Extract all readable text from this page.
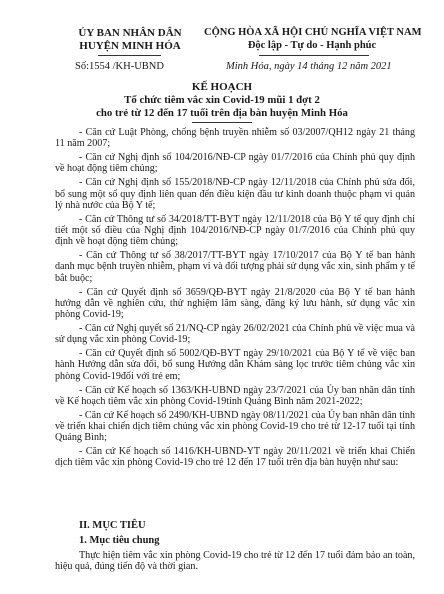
ỦY BAN NHÂN DÂN
HUYỆN MINH HÓA
Số:1554 /KH-UBND
CỘNG HÒA XÃ HỘI CHỦ NGHĨA VIỆT NAM
Độc lập - Tự do - Hạnh phúc
Minh Hóa, ngày 14 tháng 12 năm 2021
KẾ HOẠCH
Tổ chức tiêm vắc xin Covid-19 mũi 1 đợt 2
cho trẻ từ 12 đến 17 tuổi trên địa bàn huyện Minh Hóa

- Căn cứ Luật Phòng, chống bệnh truyền nhiễm số 03/2007/QH12 ngày 21 tháng 11 năm 2007;

- Căn cứ Nghị định số 104/2016/NĐ-CP ngày 01/7/2016 của Chính phủ quy định về hoạt động tiêm chủng;

- Căn cứ Nghị định số 155/2018/NĐ-CP ngày 12/11/2018 của Chính phủ sửa đổi, bổ sung một số quy định liên quan đến điều kiện đầu tư kinh doanh thuộc phạm vi quản lý nhà nước của Bộ Y tế;

- Căn cứ Thông tư số 34/2018/TT-BYT ngày 12/11/2018 của Bộ Y tế quy định chi tiết một số điều của Nghị định 104/2016/NĐ-CP ngày 01/7/2016 của Chính phủ quy định về hoạt động tiêm chủng;

- Căn cứ Thông tư số 38/2017/TT-BYT ngày 17/10/2017 của Bộ Y tế ban hành danh mục bệnh truyền nhiễm, phạm vi và đối tượng phải sử dụng vắc xin, sinh phẩm y tế bắt buộc;

- Căn cứ Quyết định số 3659/QĐ-BYT ngày 21/8/2020 của Bộ Y tế ban hành hướng dẫn về nghiên cứu, thử nghiệm lâm sàng, đăng ký lưu hành, sử dụng vắc xin phòng Covid-19;

- Căn cứ Nghị quyết số 21/NQ-CP ngày 26/02/2021 của Chính phủ về việc mua và sử dụng vắc xin phòng Covid-19;

- Căn cứ Quyết định số 5002/QĐ-BYT ngày 29/10/2021 của Bộ Y tế về việc ban hành Hướng dẫn sửa đổi, bổ sung Hướng dẫn Khám sàng lọc trước tiêm chủng vắc xin phòng Covid-19đối với trẻ em;

- Căn cứ Kế hoạch số 1363/KH-UBND ngày 23/7/2021 của Ủy ban nhân dân tỉnh về Kế hoạch tiêm vắc xin phòng Covid-19tỉnh Quảng Bình năm 2021-2022;

- Căn cứ Kế hoạch số 2490/KH-UBND ngày 08/11/2021 của Ủy ban nhân dân tỉnh về triển khai chiến dịch tiêm chủng vắc xin phòng Covid-19 cho trẻ từ 12-17 tuổi tại tỉnh Quảng Bình;

- Căn cứ Kế hoạch số 1416/KH-UBND-YT ngày 20/11/2021 về triển khai Chiến dịch tiêm vắc xin phòng Covid-19 cho trẻ 12 đến 17 tuổi trên địa bàn huyện như sau:

II. MỤC TIÊU
1. Mục tiêu chung

Thực hiện tiêm vắc xin phòng Covid-19 cho trẻ từ 12 đến 17 tuổi đảm bảo an toàn, hiệu quả, đúng tiến độ và thời gian.
